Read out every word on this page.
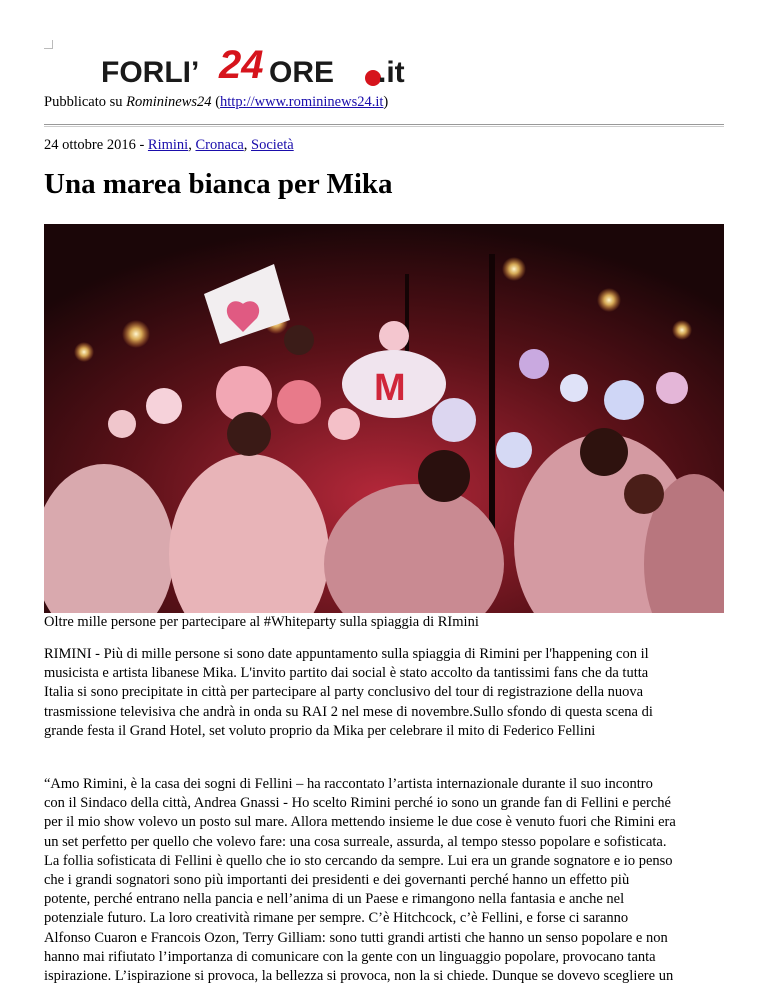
FORLI’ 24 ORE .it
Pubblicato su Romininews24 (http://www.romininews24.it)
24 ottobre 2016 - Rimini, Cronaca, Società
Una marea bianca per Mika
M
Oltre mille persone per partecipare al #Whiteparty sulla spiaggia di RImini

RIMINI - Più di mille persone si sono date appuntamento sulla spiaggia di Rimini per l'happening con il
musicista e artista libanese Mika. L'invito partito dai social è stato accolto da tantissimi fans che da tutta
Italia si sono precipitate in città per partecipare al party conclusivo del tour di registrazione della nuova
trasmissione televisiva che andrà in onda su RAI 2 nel mese di novembre.Sullo sfondo di questa scena di
grande festa il Grand Hotel, set voluto proprio da Mika per celebrare il mito di Federico Fellini

“Amo Rimini, è la casa dei sogni di Fellini – ha raccontato l’artista internazionale durante il suo incontro
con il Sindaco della città, Andrea Gnassi - Ho scelto Rimini perché io sono un grande fan di Fellini e perché
per il mio show volevo un posto sul mare. Allora mettendo insieme le due cose è venuto fuori che Rimini era
un set perfetto per quello che volevo fare: una cosa surreale, assurda, al tempo stesso popolare e sofisticata.
La follia sofisticata di Fellini è quello che io sto cercando da sempre. Lui era un grande sognatore e io penso
che i grandi sognatori sono più importanti dei presidenti e dei governanti perché hanno un effetto più
potente, perché entrano nella pancia e nell’anima di un Paese e rimangono nella fantasia e anche nel
potenziale futuro. La loro creatività rimane per sempre. C’è Hitchcock, c’è Fellini, e forse ci saranno
Alfonso Cuaron e Francois Ozon, Terry Gilliam: sono tutti grandi artisti che hanno un senso popolare e non
hanno mai rifiutato l’importanza di comunicare con la gente con un linguaggio popolare, provocano tanta
ispirazione. L’ispirazione si provoca, la bellezza si provoca, non la si chiede. Dunque se dovevo scegliere un
